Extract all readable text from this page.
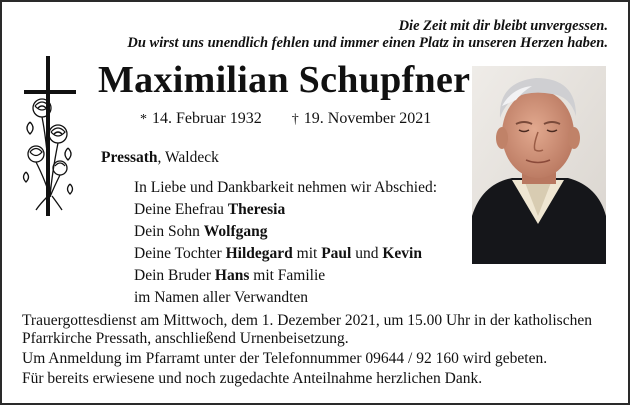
Die Zeit mit dir bleibt unvergessen.
Du wirst uns unendlich fehlen und immer einen Platz in unseren Herzen haben.
Maximilian Schupfner
* 14. Februar 1932 † 19. November 2021
Pressath, Waldeck
In Liebe und Dankbarkeit nehmen wir Abschied:
Deine Ehefrau Theresia
Dein Sohn Wolfgang
Deine Tochter Hildegard mit Paul und Kevin
Dein Bruder Hans mit Familie
im Namen aller Verwandten

Trauergottesdienst am Mittwoch, dem 1. Dezember 2021, um 15.00 Uhr in der katholischen Pfarrkirche Pressath, anschließend Urnenbeisetzung.

Um Anmeldung im Pfarramt unter der Telefonnummer 09644 / 92 160 wird gebeten.

Für bereits erwiesene und noch zugedachte Anteilnahme herzlichen Dank.
